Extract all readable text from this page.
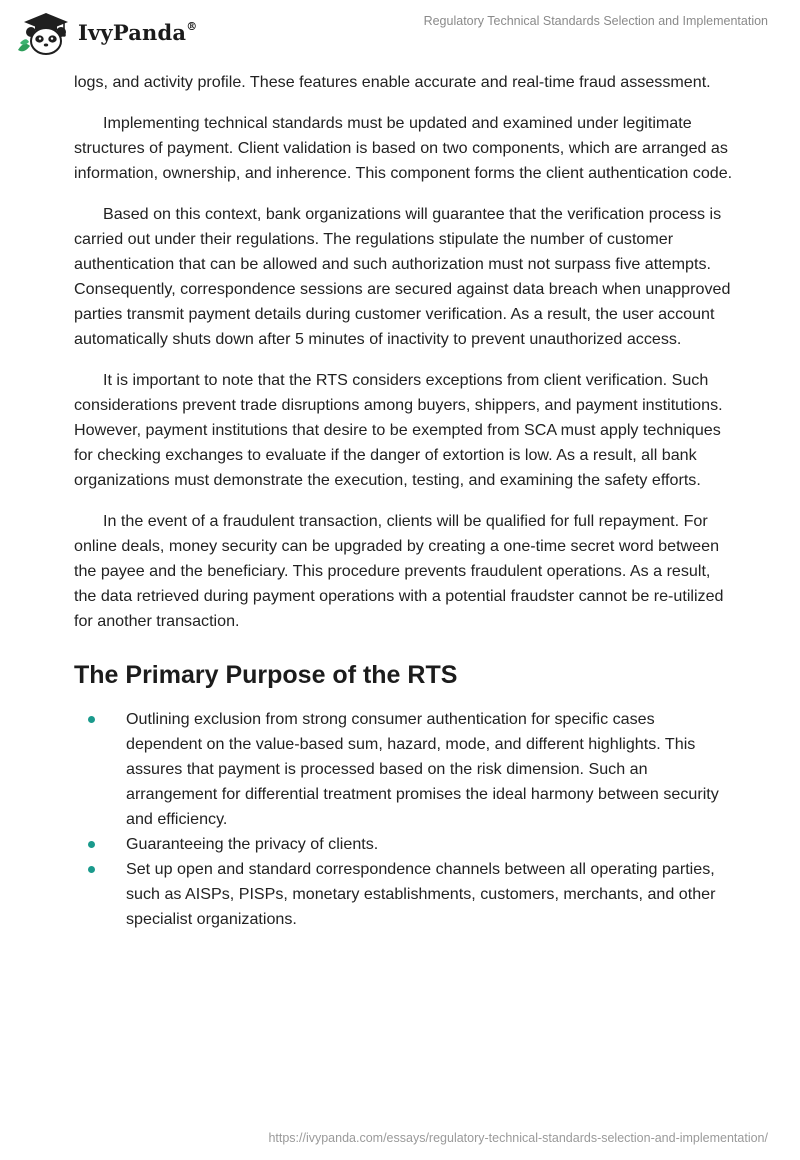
IvyPanda®	Regulatory Technical Standards Selection and Implementation

logs, and activity profile. These features enable accurate and real-time fraud assessment.

Implementing technical standards must be updated and examined under legitimate structures of payment. Client validation is based on two components, which are arranged as information, ownership, and inherence. This component forms the client authentication code.

Based on this context, bank organizations will guarantee that the verification process is carried out under their regulations. The regulations stipulate the number of customer authentication that can be allowed and such authorization must not surpass five attempts. Consequently, correspondence sessions are secured against data breach when unapproved parties transmit payment details during customer verification. As a result, the user account automatically shuts down after 5 minutes of inactivity to prevent unauthorized access.

It is important to note that the RTS considers exceptions from client verification. Such considerations prevent trade disruptions among buyers, shippers, and payment institutions. However, payment institutions that desire to be exempted from SCA must apply techniques for checking exchanges to evaluate if the danger of extortion is low. As a result, all bank organizations must demonstrate the execution, testing, and examining the safety efforts.

In the event of a fraudulent transaction, clients will be qualified for full repayment. For online deals, money security can be upgraded by creating a one-time secret word between the payee and the beneficiary. This procedure prevents fraudulent operations. As a result, the data retrieved during payment operations with a potential fraudster cannot be re-utilized for another transaction.

The Primary Purpose of the RTS
Outlining exclusion from strong consumer authentication for specific cases dependent on the value-based sum, hazard, mode, and different highlights. This assures that payment is processed based on the risk dimension. Such an arrangement for differential treatment promises the ideal harmony between security and efficiency.
Guaranteeing the privacy of clients.
Set up open and standard correspondence channels between all operating parties, such as AISPs, PISPs, monetary establishments, customers, merchants, and other specialist organizations.
https://ivypanda.com/essays/regulatory-technical-standards-selection-and-implementation/
